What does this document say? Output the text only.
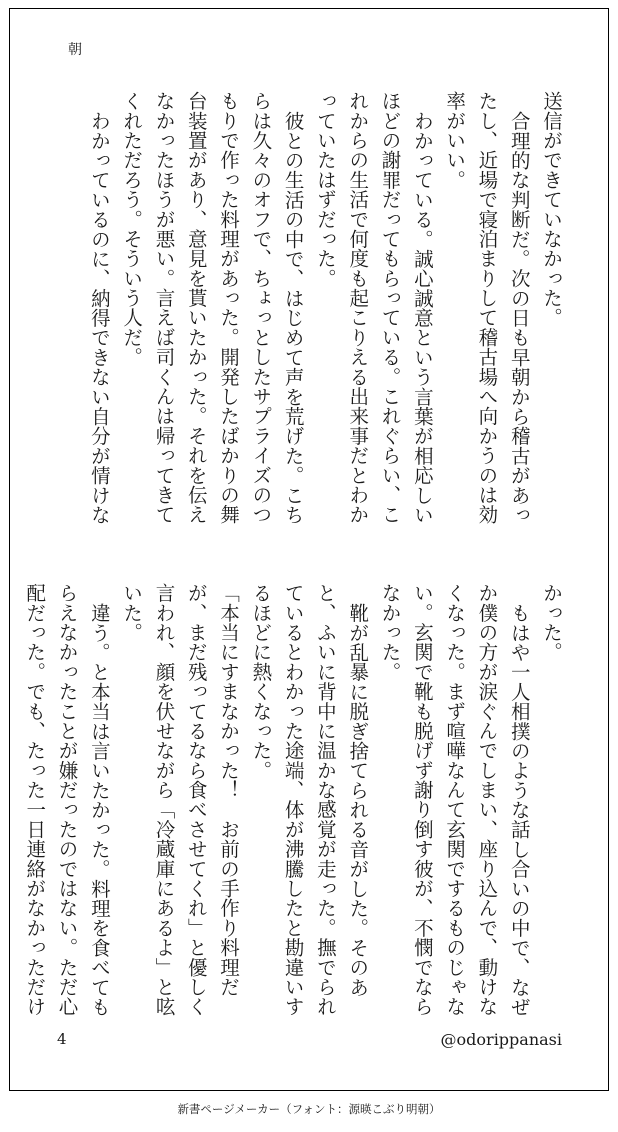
朝

送信ができていなかった。

合理的な判断だ。次の日も早朝から稽古があったし、近場で寝泊まりして稽古場へ向かうのは効率がいい。

わかっている。誠心誠意という言葉が相応しいほどの謝罪だってもらっている。これぐらい、これからの生活で何度も起こりえる出来事だとわかっていたはずだった。

彼との生活の中で、はじめて声を荒げた。こちらは久々のオフで、ちょっとしたサプライズのつもりで作った料理があった。開発したばかりの舞台装置があり、意見を貰いたかった。それを伝えなかったほうが悪い。言えば司くんは帰ってきてくれただろう。そういう人だ。

わかっているのに、納得できない自分が情けな

かった。

もはや一人相撲のような話し合いの中で、なぜか僕の方が涙ぐんでしまい、座り込んで、動けなくなった。まず喧嘩なんて玄関でするものじゃない。玄関で靴も脱げず謝り倒す彼が、不憫でならなかった。

靴が乱暴に脱ぎ捨てられる音がした。そのあと、ふいに背中に温かな感覚が走った。撫でられているとわかった途端、体が沸騰したと勘違いするほどに熱くなった。

「本当にすまなかった！　お前の手作り料理だが、まだ残ってるなら食べさせてくれ」と優しく言われ、顔を伏せながら「冷蔵庫にあるよ」と呟いた。

違う。と本当は言いたかった。料理を食べてもらえなかったことが嫌だったのではない。ただ心配だった。でも、たった一日連絡がなかっただけ

4	@odorippanasi
新書ページメーカー（フォント：源暎こぶり明朝）
